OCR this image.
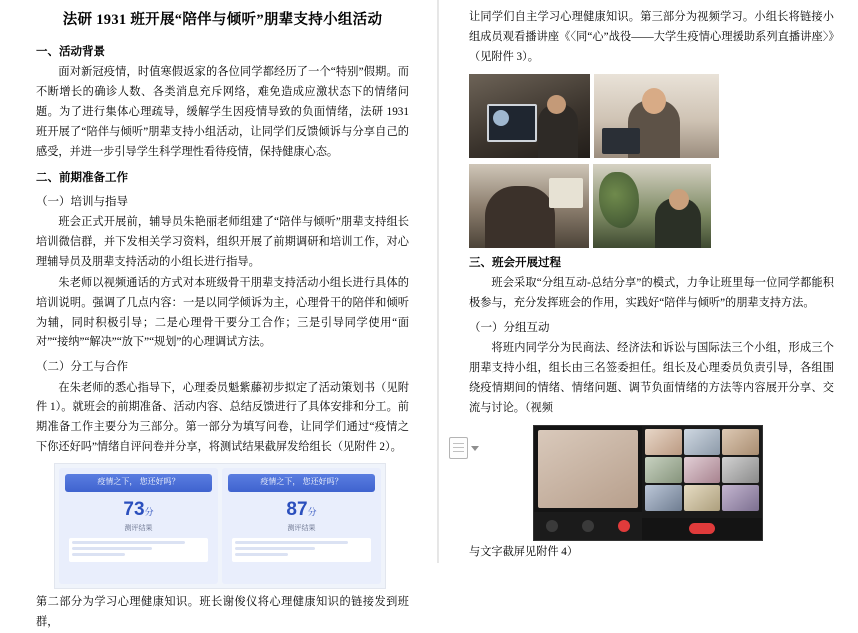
法研 1931 班开展“陪伴与倾听”朋辈支持小组活动
一、活动背景

面对新冠疫情，时值寒假返家的各位同学都经历了一个“特别”假期。而不断增长的确诊人数、各类消息充斥网络，难免造成应激状态下的情绪问题。为了进行集体心理疏导，缓解学生因疫情导致的负面情绪，法研 1931 班开展了“陪伴与倾听”朋辈支持小组活动，让同学们反馈倾诉与分享自己的感受，并进一步引导学生科学理性看待疫情，保持健康心态。

二、前期准备工作
（一）培训与指导

班会正式开展前，辅导员朱艳丽老师组建了“陪伴与倾听”朋辈支持组长培训微信群，并下发相关学习资料，组织开展了前期调研和培训工作，对心理辅导员及朋辈支持活动的小组长进行指导。

朱老师以视频通话的方式对本班级骨干朋辈支持活动小组长进行具体的培训说明。强调了几点内容：一是以同学倾诉为主，心理骨干的陪伴和倾听为辅，同时积极引导；二是心理骨干要分工合作；三是引导同学使用“面对”“接纳”“解决”“放下”“规划”的心理调试方法。

（二）分工与合作

在朱老师的悉心指导下，心理委员魁紫藤初步拟定了活动策划书（见附件 1）。就班会的前期准备、活动内容、总结反馈进行了具体安排和分工。前期准备工作主要分为三部分。第一部分为填写问卷，让同学们通过“疫情之下你还好吗”情绪自评问卷并分享，将测试结果截屏发给组长（见附件 2）。

疫情之下， 您还好吗？
73分
测评结果
疫情之下， 您还好吗？
87分
测评结果

第二部分为学习心理健康知识。班长谢俊仪将心理健康知识的链接发到班群，

让同学们自主学习心理健康知识。第三部分为视频学习。小组长将链接小组成员观看播讲座《〈同“心”战役——大学生疫情心理援助系列直播讲座〉》（见附件 3）。

三、班会开展过程

班会采取“分组互动-总结分享”的模式，力争让班里每一位同学都能积极参与，充分发挥班会的作用，实践好“陪伴与倾听”的朋辈支持方法。

（一）分组互动

将班内同学分为民商法、经济法和诉讼与国际法三个小组，形成三个朋辈支持小组，组长由三名签委担任。组长及心理委员负责引导，各组围绕疫情期间的情绪、情绪问题、调节负面情绪的方法等内容展开分享、交流与讨论。（视频

与文字截屏见附件 4）
